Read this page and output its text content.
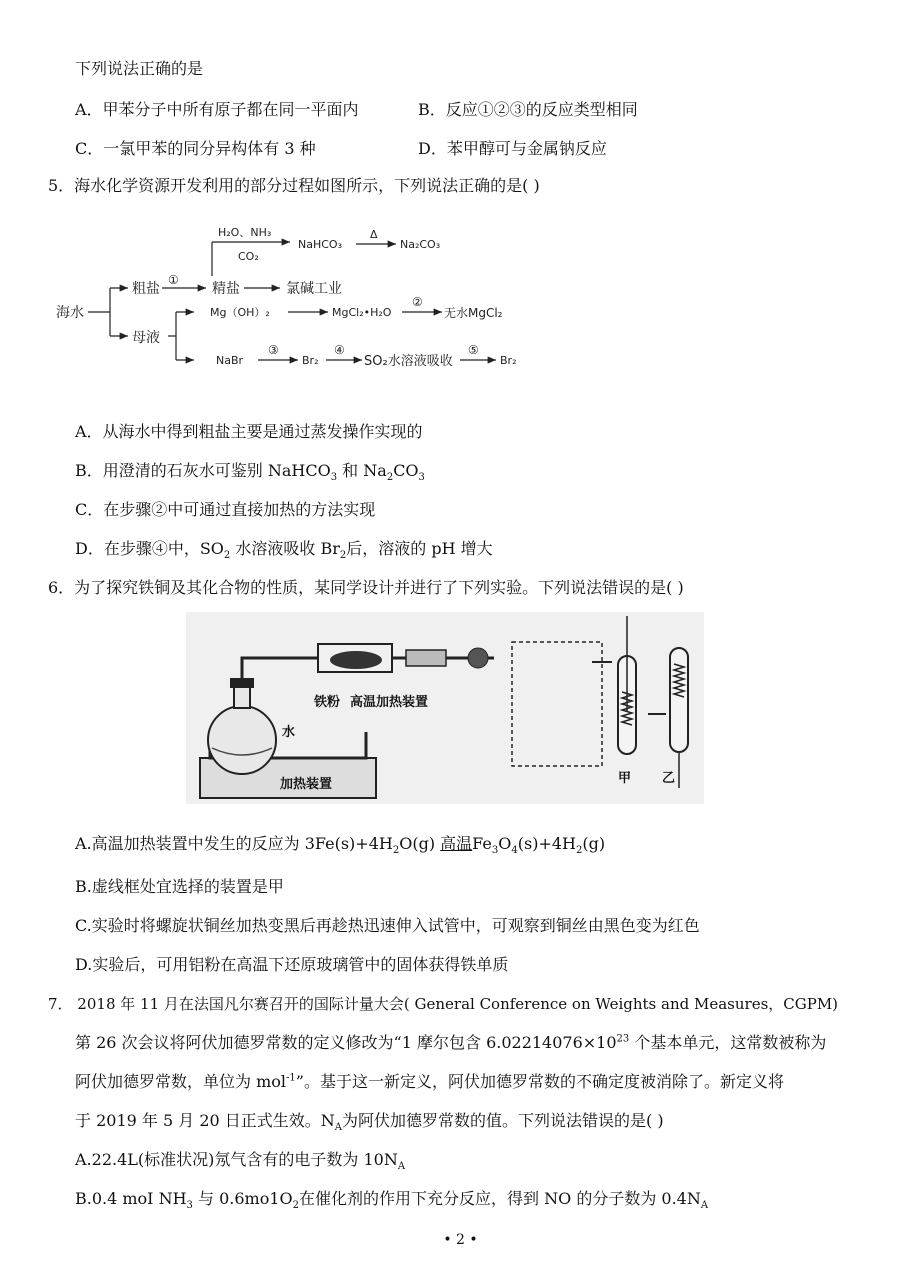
下列说法正确的是
A．甲苯分子中所有原子都在同一平面内	B．反应①②③的反应类型相同
C．一氯甲苯的同分异构体有 3 种	D．苯甲醇可与金属钠反应
5．海水化学资源开发利用的部分过程如图所示，下列说法正确的是( )
海水
粗盐
①
精盐
H₂O、NH₃
CO₂
NaHCO₃
Δ
Na₂CO₃
氯碱工业
母液
Mg（OH）₂	MgCl₂•H₂O
②
无水MgCl₂
NaBr
③
Br₂
④
SO₂水溶液吸收
⑤
Br₂
A．从海水中得到粗盐主要是通过蒸发操作实现的
B．用澄清的石灰水可鉴别 NaHCO$_3$ 和 $Na_2CO_3$
C．在步骤②中可通过直接加热的方法实现
D．在步骤④中，$SO_2$ 水溶液吸收 $Br_2$后，溶液的 pH 增大
6．为了探究铁铜及其化合物的性质，某同学设计并进行了下列实验。下列说法错误的是( )
铁粉 高温加热装置
水
加热装置	甲 乙
A.高温加热装置中发生的反应为 $3Fe(s)+4H_2O(g)$ 高温$Fe_3O_4(s)+4H_2(g)$
B.虚线框处宜选择的装置是甲
C.实验时将螺旋状铜丝加热变黑后再趁热迅速伸入试管中，可观察到铜丝由黑色变为红色
D.实验后，可用铝粉在高温下还原玻璃管中的固体获得铁单质
7． 2018 年 11 月在法国凡尔赛召开的国际计量大会( General Conference on Weights and Measures，CGPM)
第 26 次会议将阿伏加德罗常数的定义修改为“1 摩尔包含 $6.02214076\times 10^{23}$ 个基本单元，这常数被称为
阿伏加德罗常数，单位为 mol$^{-1}$”。基于这一新定义，阿伏加德罗常数的不确定度被消除了。新定义将
于 2019 年 5 月 20 日正式生效。$N_A$为阿伏加德罗常数的值。下列说法错误的是( )
A.22.4L(标准状况)氖气含有的电子数为 $10N_A$
B.0.4 moI $NH_3$ 与 $0.6mo1O_2$在催化剂的作用下充分反应，得到 NO 的分子数为 $0.4N_A$
• 2 •
